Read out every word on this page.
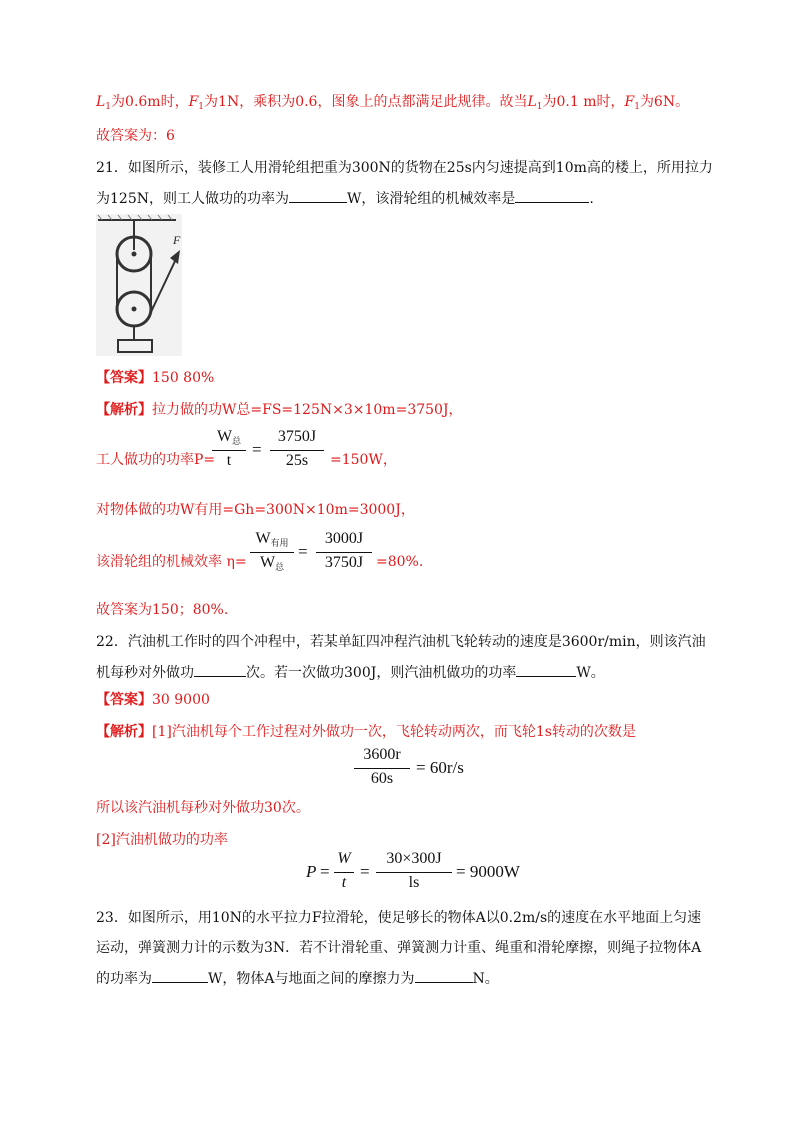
$L_1$为0.6m时，$F_1$为1N，乘积为0.6，图象上的点都满足此规律。故当$L_1$为0.1 m时，$F_1$为6N。
故答案为：6
21．如图所示，装修工人用滑轮组把重为300N的货物在25s内匀速提高到10m高的楼上，所用拉力
为125N，则工人做功的功率为	W，该滑轮组的机械效率是	.
F
【答案】150 80%
【解析】拉力做的功W总=FS=125N×3×10m=3750J，
工人做功的功率P=
$W_总$
t
=
3750J
25s	=150W，
对物体做的功W有用=Gh=300N×10m=3000J，
该滑轮组的机械效率 η=
$W_{有用}$
$W_总$
=
3000J
3750J =80%.
故答案为150；80%.
22．汽油机工作时的四个冲程中，若某单缸四冲程汽油机飞轮转动的速度是3600r/min，则该汽油
机每秒对外做功	次。若一次做功300J，则汽油机做功的功率	W。
【答案】30 9000
【解析】[1]汽油机每个工作过程对外做功一次，飞轮转动两次，而飞轮1s转动的次数是
3600r
60s
= 60r/s
所以该汽油机每秒对外做功30次。
[2]汽油机做功的功率
P =
W
t
=
30×300J
ls
= 9000W
23．如图所示，用10N的水平拉力F拉滑轮，使足够长的物体A以0.2m/s的速度在水平地面上匀速
运动，弹簧测力计的示数为3N．若不计滑轮重、弹簧测力计重、绳重和滑轮摩擦，则绳子拉物体A
的功率为	W，物体A与地面之间的摩擦力为	N。
